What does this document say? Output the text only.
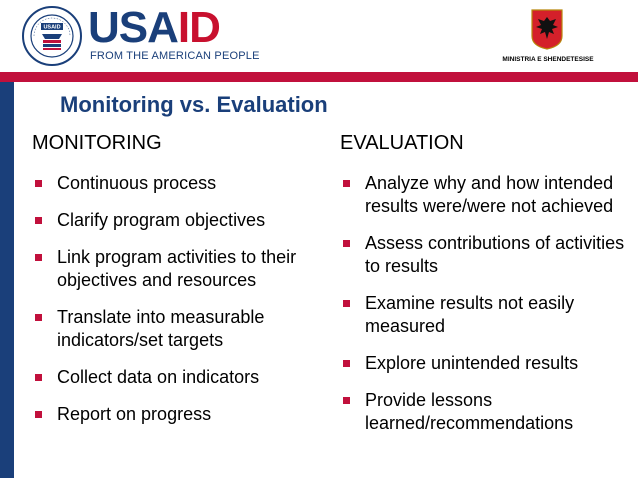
USAID USAID
FROM THE AMERICAN PEOPLE	MINISTRIA E SHENDETESISE
Monitoring vs. Evaluation
MONITORING
Continuous process
Clarify program objectives
Link program activities to their objectives and resources
Translate into measurable indicators/set targets
Collect data on indicators
Report on progress
EVALUATION
Analyze why and how intended results were/were not achieved
Assess contributions of activities to results
Examine results not easily measured
Explore unintended results
Provide lessons learned/recommendations
